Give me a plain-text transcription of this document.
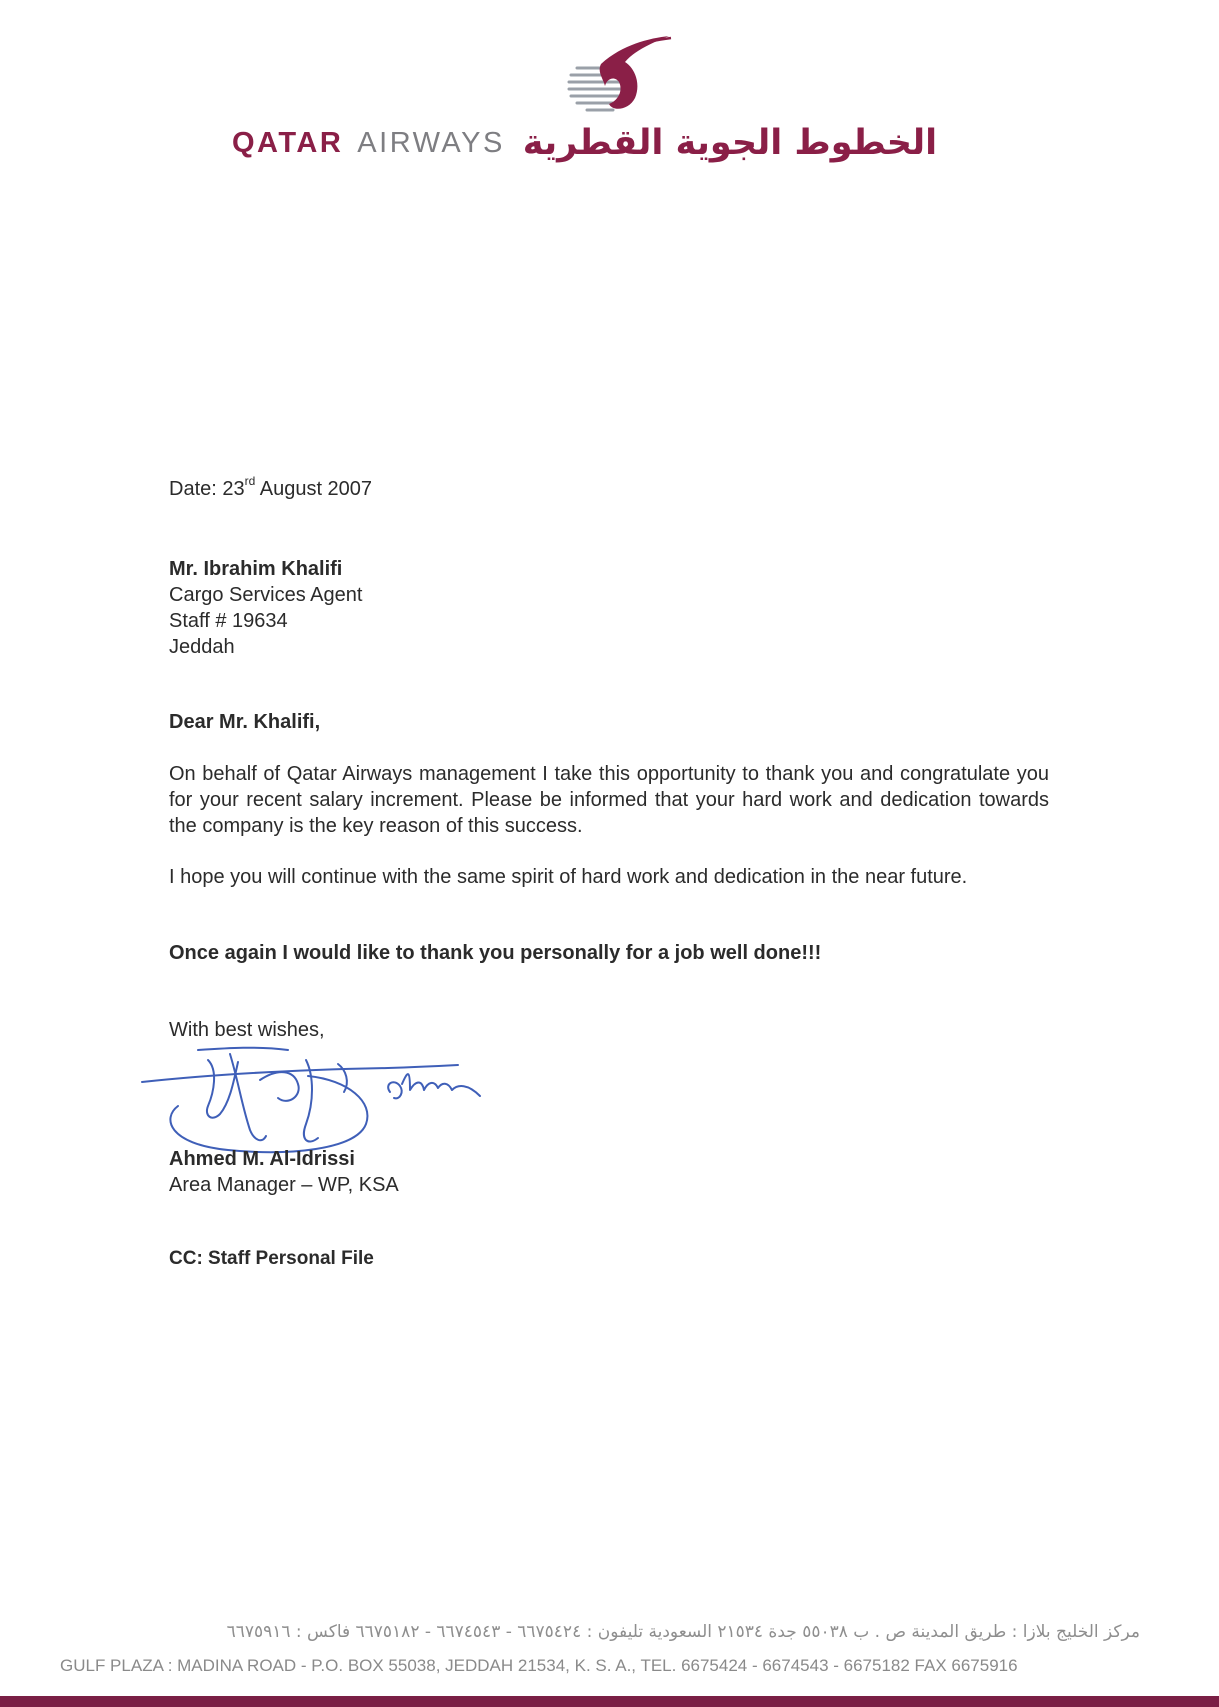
QATAR AIRWAYS الخطوط الجوية القطرية
Date: 23rd August 2007
Mr. Ibrahim Khalifi
Cargo Services Agent
Staff # 19634
Jeddah
Dear Mr. Khalifi,
On behalf of Qatar Airways management I take this opportunity to thank you and congratulate you for your recent salary increment. Please be informed that your hard work and dedication towards the company is the key reason of this success.
I hope you will continue with the same spirit of hard work and dedication in the near future.
Once again I would like to thank you personally for a job well done!!!
With best wishes,
Ahmed M. Al-Idrissi
Area Manager – WP, KSA
CC: Staff Personal File
مركز الخليج بلازا : طريق المدينة ص . ب ٥٥٠٣٨ جدة ٢١٥٣٤ السعودية تليفون : ٦٦٧٥٤٢٤ - ٦٦٧٤٥٤٣ - ٦٦٧٥١٨٢ فاكس : ٦٦٧٥٩١٦
GULF PLAZA : MADINA ROAD - P.O. BOX 55038, JEDDAH 21534, K. S. A., TEL. 6675424 - 6674543 - 6675182 FAX 6675916
